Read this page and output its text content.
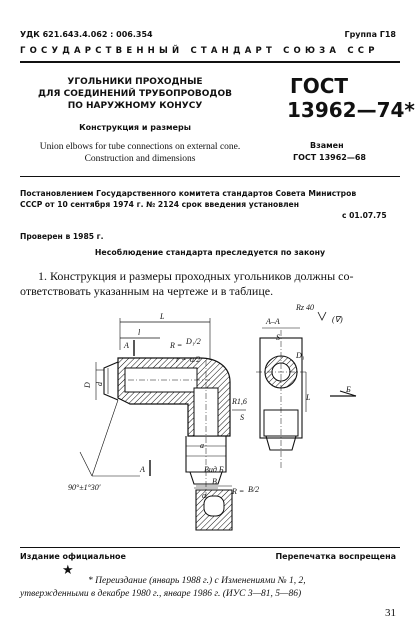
УДК 621.643.4.062 : 006.354	Группа Г18
ГОСУДАРСТВЕННЫЙ СТАНДАРТ СОЮЗА ССР
УГОЛЬНИКИ ПРОХОДНЫЕ
ДЛЯ СОЕДИНЕНИЙ ТРУБОПРОВОДОВ
ПО НАРУЖНОМУ КОНУСУ
Конструкция и размеры
Union elbows for tube connections on external cone.
Construction and dimensions
ГОСТ
13962—74*
Взамен
ГОСТ 13962—68
Постановлением Государственного комитета стандартов Совета Министров
СССР от 10 сентября 1974 г. № 2124 срок введения установлен
с 01.07.75
Проверен в 1985 г.
Несоблюдение стандарта преследуется по закону
1. Конструкция и размеры проходных угольников должны со-
ответствовать указанным на чертеже и в таблице.
L
l
A
A
D d
R = D₁/2
r = a/2
R1,6
a
S
90°±1°30′
А–А
S
D₁
L
Б
Rz 40
(∇)
Вид Б
B
R = B/2
Издание официальное	Перепечатка воспрещена
★
* Переиздание (январь 1988 г.) с Изменениями № 1, 2,
утвержденными в декабре 1980 г., январе 1986 г. (ИУС 3—81, 5—86)
31
